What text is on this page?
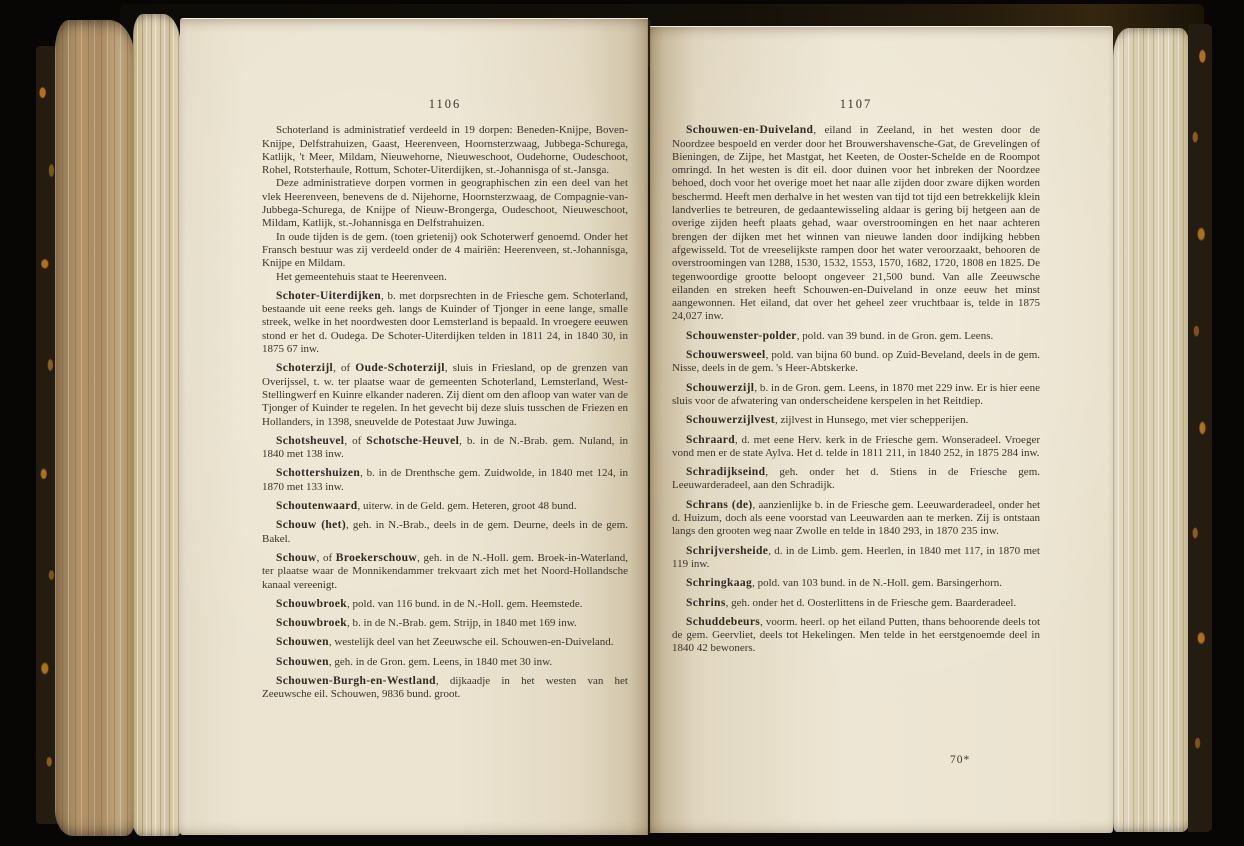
1106

Schoterland is administratief verdeeld in 19 dorpen: Beneden-Knijpe, Boven-Knijpe, Delfstrahuizen, Gaast, Heerenveen, Hoornsterzwaag, Jubbega-Schurega, Katlijk, 't Meer, Mildam, Nieuwehorne, Nieuweschoot, Oudehorne, Oudeschoot, Rohel, Rotsterhaule, Rottum, Schoter-Uiterdijken, st.-Johannisga of st.-Jansga.

Deze administratieve dorpen vormen in geographischen zin een deel van het vlek Heerenveen, benevens de d. Nijehorne, Hoornsterzwaag, de Compagnie-van-Jubbega-Schurega, de Knijpe of Nieuw-Brongerga, Oudeschoot, Nieuweschoot, Mildam, Katlijk, st.-Johannisga en Delfstrahuizen.

In oude tijden is de gem. (toen grietenij) ook Schoterwerf genoemd. Onder het Fransch bestuur was zij verdeeld onder de 4 mairiën: Heerenveen, st.-Johannisga, Knijpe en Mildam.

Het gemeentehuis staat te Heerenveen.

Schoter-Uiterdijken, b. met dorpsrechten in de Friesche gem. Schoterland, bestaande uit eene reeks geh. langs de Kuinder of Tjonger in eene lange, smalle streek, welke in het noordwesten door Lemsterland is bepaald. In vroegere eeuwen stond er het d. Oudega. De Schoter-Uiterdijken telden in 1811 24, in 1840 30, in 1875 67 inw.

Schoterzijl, of Oude-Schoterzijl, sluis in Friesland, op de grenzen van Overijssel, t. w. ter plaatse waar de gemeenten Schoterland, Lemsterland, West-Stellingwerf en Kuinre elkander naderen. Zij dient om den afloop van water van de Tjonger of Kuinder te regelen. In het gevecht bij deze sluis tusschen de Friezen en Hollanders, in 1398, sneuvelde de Potestaat Juw Juwinga.

Schotsheuvel, of Schotsche-Heuvel, b. in de N.-Brab. gem. Nuland, in 1840 met 138 inw.

Schottershuizen, b. in de Drenthsche gem. Zuidwolde, in 1840 met 124, in 1870 met 133 inw.

Schoutenwaard, uiterw. in de Geld. gem. Heteren, groot 48 bund.

Schouw (het), geh. in N.-Brab., deels in de gem. Deurne, deels in de gem. Bakel.

Schouw, of Broekerschouw, geh. in de N.-Holl. gem. Broek-in-Waterland, ter plaatse waar de Monnikendammer trekvaart zich met het Noord-Hollandsche kanaal vereenigt.

Schouwbroek, pold. van 116 bund. in de N.-Holl. gem. Heemstede.

Schouwbroek, b. in de N.-Brab. gem. Strijp, in 1840 met 169 inw.

Schouwen, westelijk deel van het Zeeuwsche eil. Schouwen-en-Duiveland.

Schouwen, geh. in de Gron. gem. Leens, in 1840 met 30 inw.

Schouwen-Burgh-en-Westland, dijkaadje in het westen van het Zeeuwsche eil. Schouwen, 9836 bund. groot.

1107

Schouwen-en-Duiveland, eiland in Zeeland, in het westen door de Noordzee bespoeld en verder door het Brouwershavensche-Gat, de Grevelingen of Bieningen, de Zijpe, het Mastgat, het Keeten, de Ooster-Schelde en de Roompot omringd. In het westen is dit eil. door duinen voor het inbreken der Noordzee behoed, doch voor het overige moet het naar alle zijden door zware dijken worden beschermd. Heeft men derhalve in het westen van tijd tot tijd een betrekkelijk klein landverlies te betreuren, de gedaantewisseling aldaar is gering bij hetgeen aan de overige zijden heeft plaats gehad, waar overstroomingen en het naar achteren brengen der dijken met het winnen van nieuwe landen door indijking hebben afgewisseld. Tot de vreeselijkste rampen door het water veroorzaakt, behooren de overstroomingen van 1288, 1530, 1532, 1553, 1570, 1682, 1720, 1808 en 1825. De tegenwoordige grootte beloopt ongeveer 21,500 bund. Van alle Zeeuwsche eilanden en streken heeft Schouwen-en-Duiveland in onze eeuw het minst aangewonnen. Het eiland, dat over het geheel zeer vruchtbaar is, telde in 1875 24,027 inw.

Schouwenster-polder, pold. van 39 bund. in de Gron. gem. Leens.

Schouwersweel, pold. van bijna 60 bund. op Zuid-Beveland, deels in de gem. Nisse, deels in de gem. 's Heer-Abtskerke.

Schouwerzijl, b. in de Gron. gem. Leens, in 1870 met 229 inw. Er is hier eene sluis voor de afwatering van onderscheidene kerspelen in het Reitdiep.

Schouwerzijlvest, zijlvest in Hunsego, met vier schepperijen.

Schraard, d. met eene Herv. kerk in de Friesche gem. Wonseradeel. Vroeger vond men er de state Aylva. Het d. telde in 1811 211, in 1840 252, in 1875 284 inw.

Schradijkseind, geh. onder het d. Stiens in de Friesche gem. Leeuwarderadeel, aan den Schradijk.

Schrans (de), aanzienlijke b. in de Friesche gem. Leeuwarderadeel, onder het d. Huizum, doch als eene voorstad van Leeuwarden aan te merken. Zij is ontstaan langs den grooten weg naar Zwolle en telde in 1840 293, in 1870 235 inw.

Schrijversheide, d. in de Limb. gem. Heerlen, in 1840 met 117, in 1870 met 119 inw.

Schringkaag, pold. van 103 bund. in de N.-Holl. gem. Barsingerhorn.

Schrins, geh. onder het d. Oosterlittens in de Friesche gem. Baarderadeel.

Schuddebeurs, voorm. heerl. op het eiland Putten, thans behoorende deels tot de gem. Geervliet, deels tot Hekelingen. Men telde in het eerstgenoemde deel in 1840 42 bewoners.

70*
